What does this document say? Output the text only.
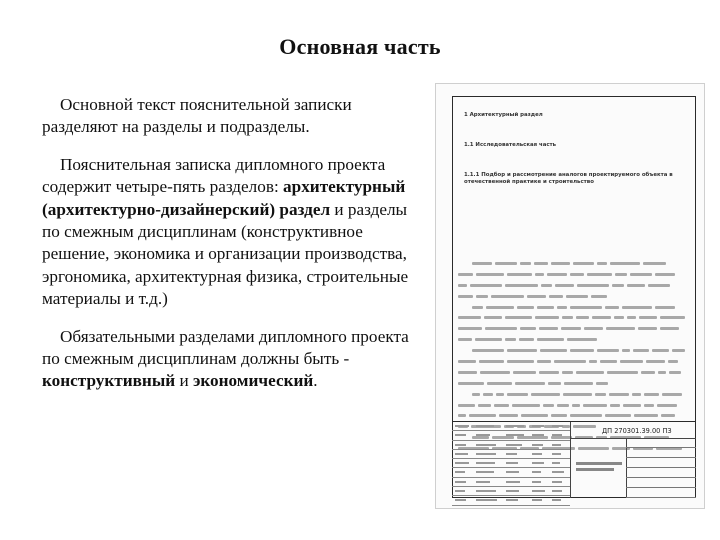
Основная часть

Основной текст пояснительной записки разделяют на разделы и подразделы.

Пояснительная записка дипломного проекта содержит четыре-пять разделов: архитектурный (архитектурно-дизайнерский) раздел и разделы по смежным дисциплинам (конструктивное решение, экономика и организации производства, эргономика, архитектурная физика, строительные материалы и т.д.)

Обязательными разделами дипломного проекта по смежным дисциплинам должны быть - конструктивный и экономический.

1 Архитектурный раздел
1.1 Исследовательская часть
1.1.1 Подбор и рассмотрение аналогов проектируемого объекта в отечественной практике и строительство
ДП 270301.39.00 ПЗ
